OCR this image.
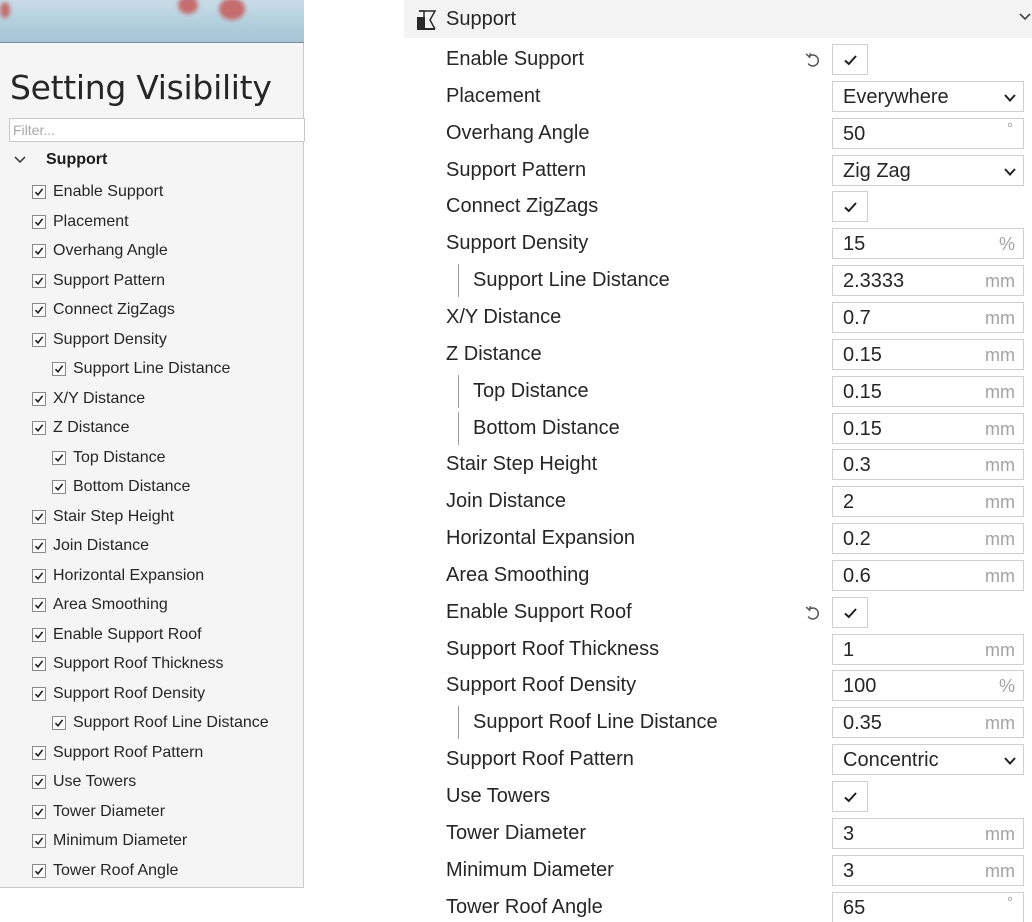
Setting Visibility
Filter...
Support
Enable Support
Placement
Overhang Angle
Support Pattern
Connect ZigZags
Support Density
Support Line Distance
X/Y Distance
Z Distance
Top Distance
Bottom Distance
Stair Step Height
Join Distance
Horizontal Expansion
Area Smoothing
Enable Support Roof
Support Roof Thickness
Support Roof Density
Support Roof Line Distance
Support Roof Pattern
Use Towers
Tower Diameter
Minimum Diameter
Tower Roof Angle
Support
Enable Support
Placement	Everywhere
Overhang Angle	50	°
Support Pattern	Zig Zag
Connect ZigZags
Support Density	15	%
Support Line Distance	2.3333	mm
X/Y Distance	0.7	mm
Z Distance	0.15	mm
Top Distance	0.15	mm
Bottom Distance	0.15	mm
Stair Step Height	0.3	mm
Join Distance	2	mm
Horizontal Expansion	0.2	mm
Area Smoothing	0.6	mm
Enable Support Roof
Support Roof Thickness	1	mm
Support Roof Density	100	%
Support Roof Line Distance	0.35	mm
Support Roof Pattern	Concentric
Use Towers
Tower Diameter	3	mm
Minimum Diameter	3	mm
Tower Roof Angle	65	°
